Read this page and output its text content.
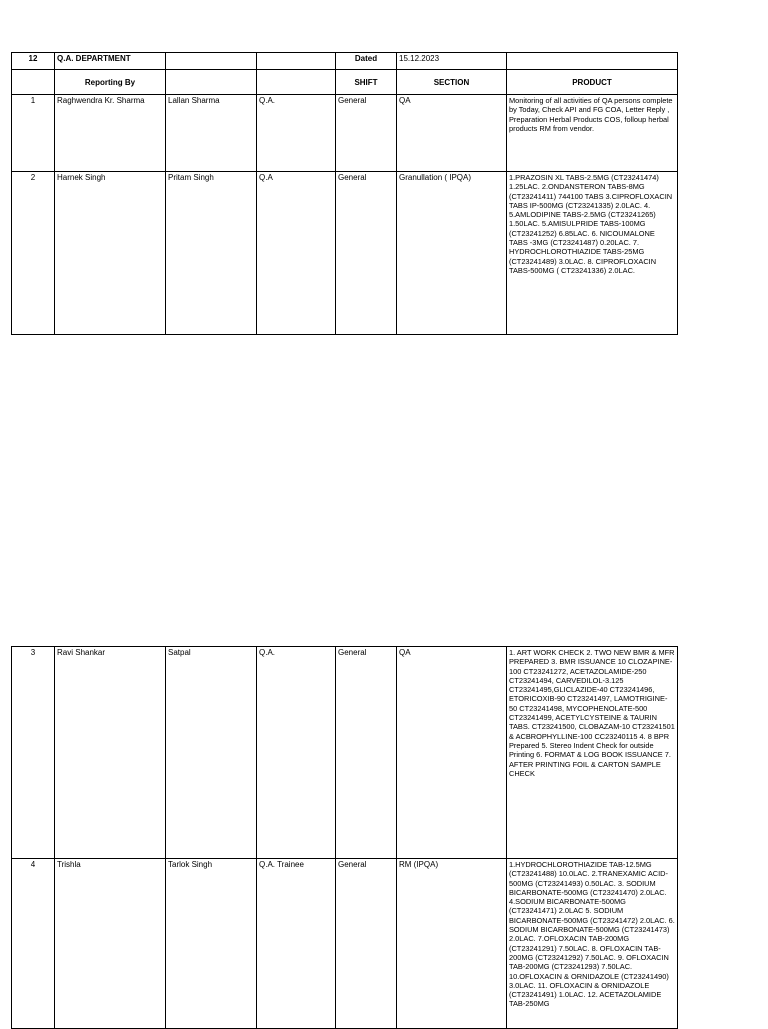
12	Q.A. DEPARTMENT			Dated	15.12.2023	
	Reporting By			SHIFT	SECTION	PRODUCT
1	Raghwendra Kr. Sharma	Lallan Sharma	Q.A.	General	QA	Monitoring of all activities of QA persons complete by Today, Check API and FG COA, Letter Reply , Preparation Herbal Products COS, folloup herbal products RM from vendor.
2	Harnek Singh	Pritam Singh	Q.A	General	Granullation ( IPQA)	1.PRAZOSIN XL TABS-2.5MG (CT23241474) 1.25LAC. 2.ONDANSTERON TABS-8MG (CT23241411) 744100 TABS 3.CIPROFLOXACIN TABS IP-500MG (CT23241335) 2.0LAC. 4. 5.AMLODIPINE TABS-2.5MG (CT23241265) 1.50LAC. 5.AMISULPRIDE TABS-100MG (CT23241252) 6.85LAC. 6. NICOUMALONE TABS -3MG (CT23241487) 0.20LAC. 7. HYDROCHLOROTHIAZIDE TABS-25MG (CT23241489) 3.0LAC. 8. CIPROFLOXACIN TABS-500MG ( CT23241336) 2.0LAC.
3	Ravi Shankar	Satpal	Q.A.	General	QA	1. ART WORK CHECK 2. TWO NEW BMR & MFR PREPARED 3. BMR ISSUANCE 10 CLOZAPINE-100 CT23241272, ACETAZOLAMIDE-250 CT23241494, CARVEDILOL-3.125 CT23241495,GLICLAZIDE-40 CT23241496, ETORICOXIB-90 CT23241497, LAMOTRIGINE-50 CT23241498, MYCOPHENOLATE-500 CT23241499, ACETYLCYSTEINE & TAURIN TABS. CT23241500, CLOBAZAM-10 CT23241501 & ACBROPHYLLINE-100 CC23240115 4. 8 BPR Prepared 5. Stereo Indent Check for outside Printing 6. FORMAT & LOG BOOK ISSUANCE 7. AFTER PRINTING FOIL & CARTON SAMPLE CHECK
4	Trishla	Tarlok Singh	Q.A. Trainee	General	RM (IPQA)	1.HYDROCHLOROTHIAZIDE TAB-12.5MG (CT23241488) 10.0LAC. 2.TRANEXAMIC ACID-500MG (CT23241493) 0.50LAC. 3. SODIUM BICARBONATE-500MG (CT23241470) 2.0LAC. 4.SODIUM BICARBONATE-500MG (CT23241471) 2.0LAC 5. SODIUM BICARBONATE-500MG (CT23241472) 2.0LAC. 6. SODIUM BICARBONATE-500MG (CT23241473) 2.0LAC. 7.OFLOXACIN TAB-200MG (CT23241291) 7.50LAC. 8. OFLOXACIN TAB-200MG (CT23241292) 7.50LAC. 9. OFLOXACIN TAB-200MG (CT23241293) 7.50LAC. 10.OFLOXACIN & ORNIDAZOLE (CT23241490) 3.0LAC. 11. OFLOXACIN & ORNIDAZOLE (CT23241491) 1.0LAC. 12. ACETAZOLAMIDE TAB-250MG
